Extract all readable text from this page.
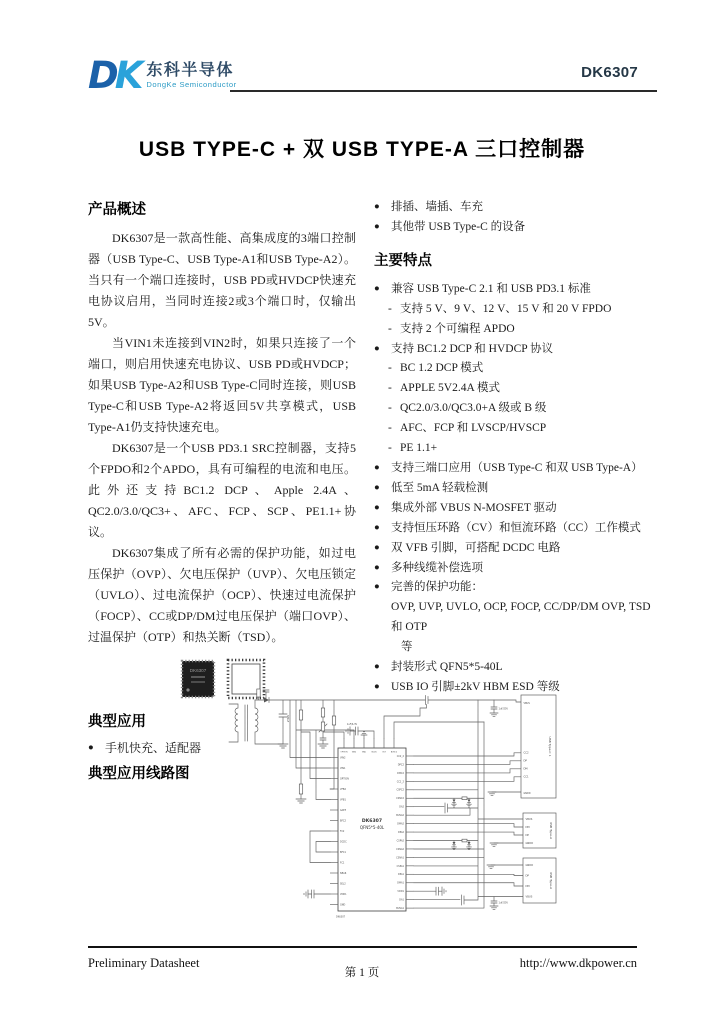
DK 东科半导体
DongKe Semiconductor
DK6307
USB TYPE-C + 双 USB TYPE-A 三口控制器
产品概述

DK6307是一款高性能、高集成度的3端口控制器（USB Type-C、USB Type-A1和USB Type-A2）。当只有一个端口连接时，USB PD或HVDCP快速充电协议启用，当同时连接2或3个端口时，仅输出5V。

当VIN1未连接到VIN2时，如果只连接了一个端口，则启用快速充电协议、USB PD或HVDCP；如果USB Type-A2和USB Type-C同时连接，则USB Type-C和USB Type-A2将返回5V共享模式，USB Type-A1仍支持快速充电。

DK6307是一个USB PD3.1 SRC控制器，支持5个FPDO和2个APDO，具有可编程的电流和电压。此外还支持BC1.2 DCP、Apple 2.4A、QC2.0/3.0/QC3+、AFC、FCP、SCP、PE1.1+协议。

DK6307集成了所有必需的保护功能，如过电压保护（OVP）、欠电压保护（UVP）、欠电压锁定（UVLO）、过电流保护（OCP）、快速过电流保护（FOCP）、CC或DP/DM过电压保护（端口OVP）、过温保护（OTP）和热关断（TSD）。

DK6307
典型应用
● 手机快充、适配器
典型应用线路图
● 排插、墙插、车充
● 其他带 USB Type-C 的设备
主要特点
● 兼容 USB Type-C 2.1 和 USB PD3.1 标准
- 支持 5 V、9 V、12 V、15 V 和 20 V FPDO
- 支持 2 个可编程 APDO
● 支持 BC1.2 DCP 和 HVDCP 协议
- BC 1.2 DCP 模式
- APPLE 5V2.4A 模式
- QC2.0/3.0/QC3.0+A 级或 B 级
- AFC、FCP 和 LVSCP/HVSCP
- PE 1.1+
● 支持三端口应用（USB Type-C 和双 USB Type-A）
● 低至 5mA 轻载检测
● 集成外部 VBUS N-MOSFET 驱动
● 支持恒压环路（CV）和恒流环路（CC）工作模式
● 双 VFB 引脚，可搭配 DCDC 电路
● 多种线缆补偿选项
● 完善的保护功能：
OVP, UVP, UVLO, OCP, FOCP, CC/DP/DM OVP, TSD 和 OTP
等
● 封装形式 QFN5*5-40L
● USB IO 引脚±2kV HBM ESD 等级
DK6307
QFN5*5-40L
DK6307
VIN2
VIN1
OPTION
VFB2
VFB1
GATE
BFC2
FC2
DCDC
BFC1
FC1
NEAR
SEL2
VDD1
GND
CC2_2
DPC2
DMC2
CC1_2
CSPC2
CSNC2
DA2
BUSA2
DMA2
DPA2
CSPA2
CSNA2
CSNA1
CSPA1
DPA1
DMA1
VDD1
DA1
BUSA1
OPTION	VIN2	GND	VDD5	OUT	BUSC2	USB Type-C 1
USB Type-A
USB Type-A
CC2
DP
DM
CC1
VBUS
GNDD
VBUS
DM
DP
GNDD
GNDD
DP
DM
VBUS
680uF
1uF/6.3V
1uF/25V
1uF/25V
Preliminary Datasheet
第 1 页
http://www.dkpower.cn
